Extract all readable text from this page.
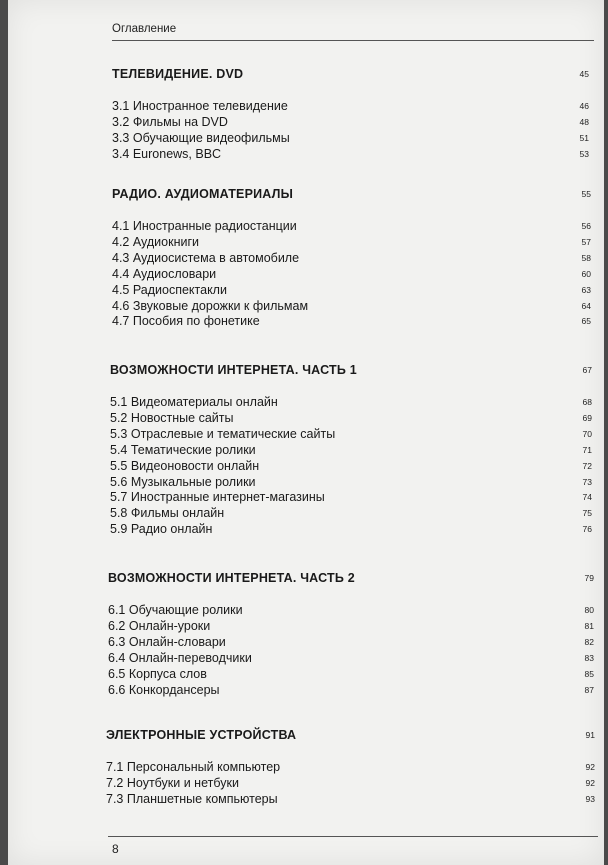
Оглавление
ТЕЛЕВИДЕНИЕ. DVD	45
3.1 Иностранное телевидение	46
3.2 Фильмы на DVD	48
3.3 Обучающие видеофильмы	51
3.4 Euronews, BBC	53
РАДИО. АУДИОМАТЕРИАЛЫ	55
4.1 Иностранные радиостанции	56
4.2 Аудиокниги	57
4.3 Аудиосистема в автомобиле	58
4.4 Аудиословари	60
4.5 Радиоспектакли	63
4.6 Звуковые дорожки к фильмам	64
4.7 Пособия по фонетике	65
ВОЗМОЖНОСТИ ИНТЕРНЕТА. ЧАСТЬ 1	67
5.1 Видеоматериалы онлайн	68
5.2 Новостные сайты	69
5.3 Отраслевые и тематические сайты	70
5.4 Тематические ролики	71
5.5 Видеоновости онлайн	72
5.6 Музыкальные ролики	73
5.7 Иностранные интернет-магазины	74
5.8 Фильмы онлайн	75
5.9 Радио онлайн	76
ВОЗМОЖНОСТИ ИНТЕРНЕТА. ЧАСТЬ 2	79
6.1 Обучающие ролики	80
6.2 Онлайн-уроки	81
6.3 Онлайн-словари	82
6.4 Онлайн-переводчики	83
6.5 Корпуса слов	85
6.6 Конкордансеры	87
ЭЛЕКТРОННЫЕ УСТРОЙСТВА	91
7.1 Персональный компьютер	92
7.2 Ноутбуки и нетбуки	92
7.3 Планшетные компьютеры	93
8
